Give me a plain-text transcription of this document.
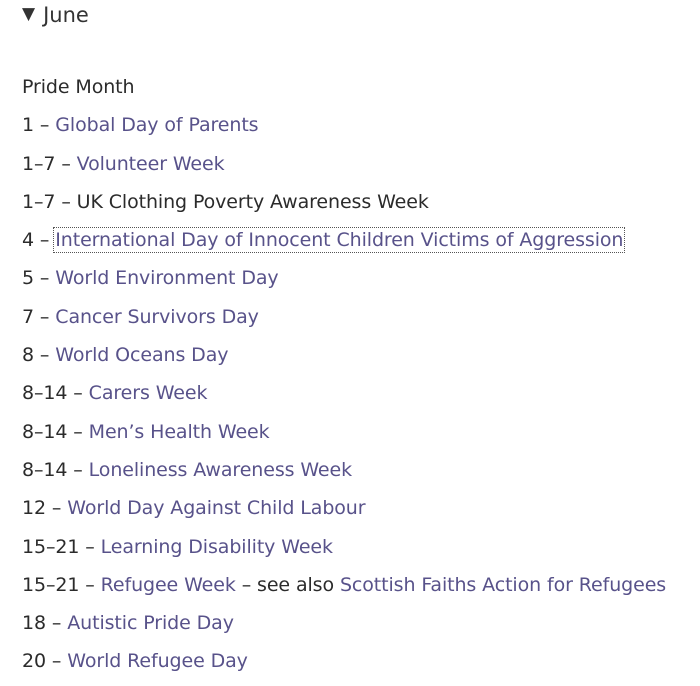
▼ June
Pride Month
1 – Global Day of Parents
1–7 – Volunteer Week
1–7 – UK Clothing Poverty Awareness Week
4 – International Day of Innocent Children Victims of Aggression
5 – World Environment Day
7 – Cancer Survivors Day
8 – World Oceans Day
8–14 – Carers Week
8–14 – Men’s Health Week
8–14 – Loneliness Awareness Week
12 – World Day Against Child Labour
15–21 – Learning Disability Week
15–21 – Refugee Week – see also Scottish Faiths Action for Refugees
18 – Autistic Pride Day
20 – World Refugee Day
